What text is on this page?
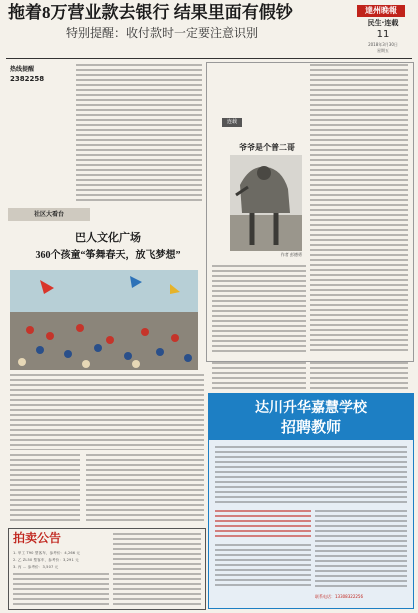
拖着8万营业款去银行 结果里面有假钞
特别提醒：收付款时一定要注意识别
達州晚報
民生·连载
11
2018年3月30日
星期五
热线提醒
2382258
连载
爷爷是个普二哥
作者 彭德勇
社区大看台
巴人文化广场
360个孩童“筝舞春天，放飞梦想”
达川升华嘉慧学校
招聘教师
联系电话：13308322256
拍卖公告
1. 甲工 T90 型客车，参考价：4,266 元
2. 乙 ZL50 型客车，参考价：3,291 元
3. 丙 ... 参考价：3,507 元
